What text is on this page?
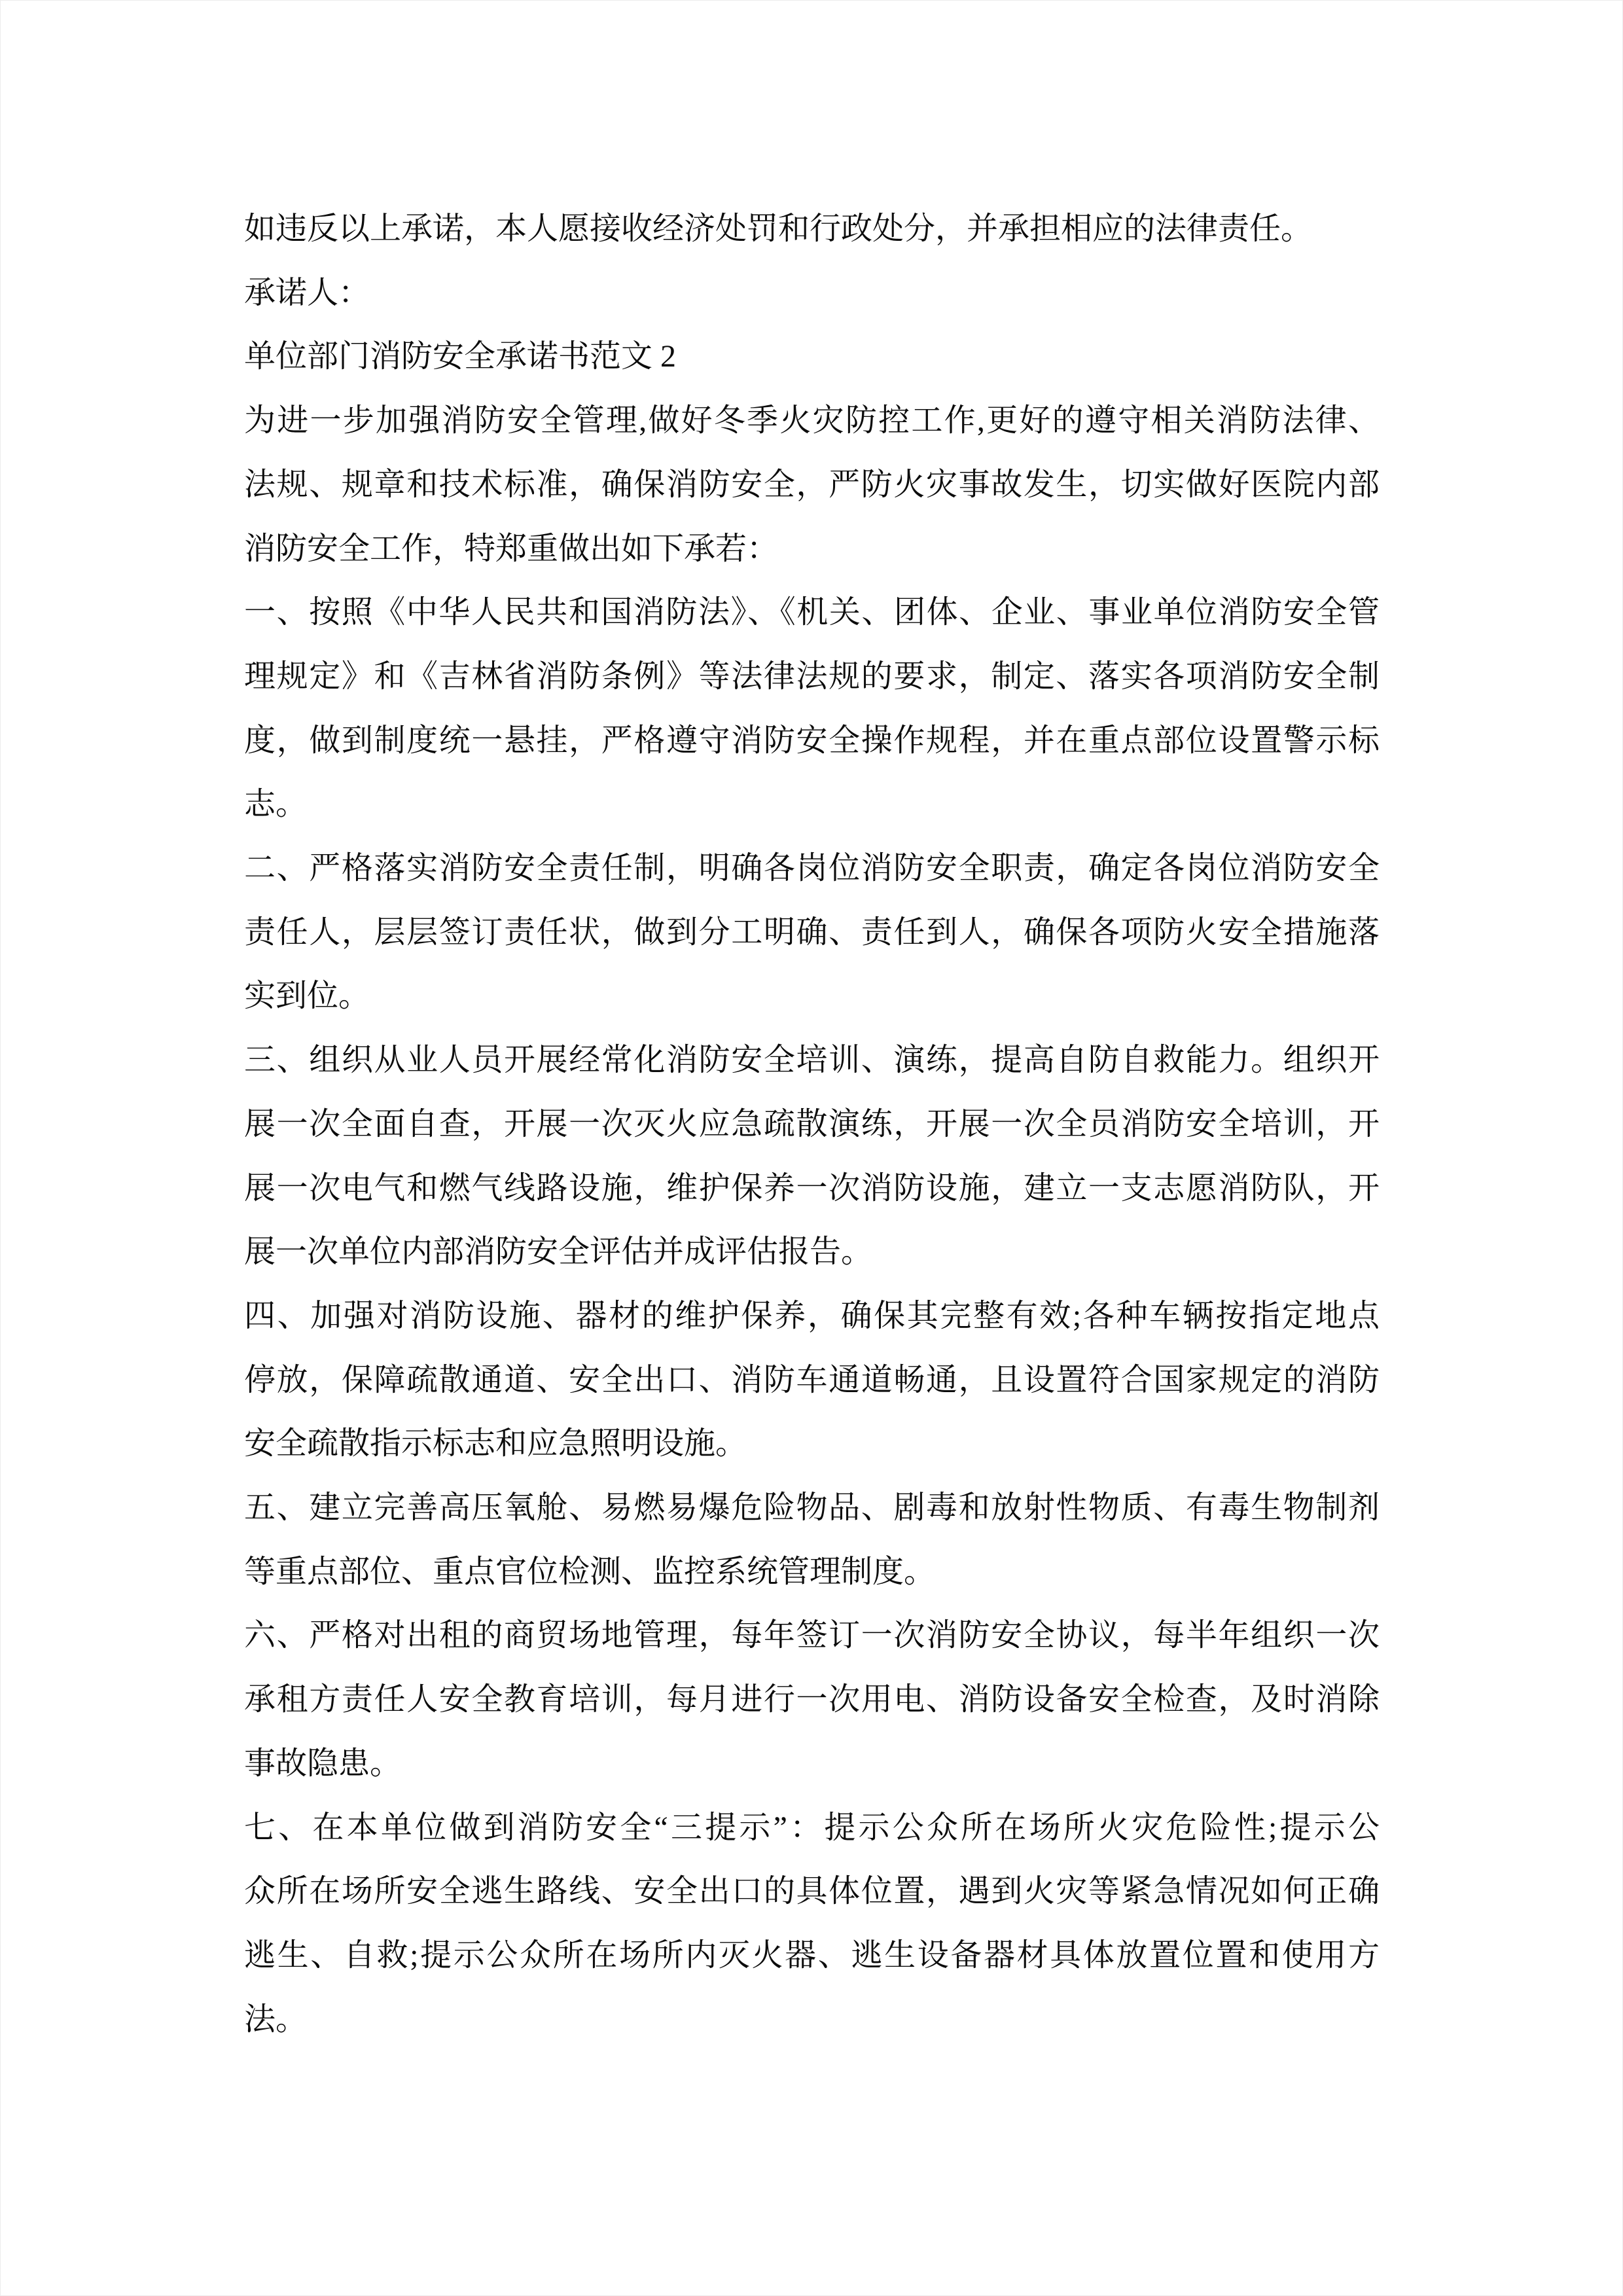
如违反以上承诺，本人愿接收经济处罚和行政处分，并承担相应的法律责任。
承诺人：
单位部门消防安全承诺书范文 2
为进一步加强消防安全管理,做好冬季火灾防控工作,更好的遵守相关消防法律、
法规、规章和技术标准，确保消防安全，严防火灾事故发生，切实做好医院内部
消防安全工作，特郑重做出如下承若：
一、按照《中华人民共和国消防法》、《机关、团体、企业、事业单位消防安全管
理规定》和《吉林省消防条例》等法律法规的要求，制定、落实各项消防安全制
度，做到制度统一悬挂，严格遵守消防安全操作规程，并在重点部位设置警示标
志。
二、严格落实消防安全责任制，明确各岗位消防安全职责，确定各岗位消防安全
责任人，层层签订责任状，做到分工明确、责任到人，确保各项防火安全措施落
实到位。
三、组织从业人员开展经常化消防安全培训、演练，提高自防自救能力。组织开
展一次全面自查，开展一次灭火应急疏散演练，开展一次全员消防安全培训，开
展一次电气和燃气线路设施，维护保养一次消防设施，建立一支志愿消防队，开
展一次单位内部消防安全评估并成评估报告。
四、加强对消防设施、器材的维护保养，确保其完整有效;各种车辆按指定地点
停放，保障疏散通道、安全出口、消防车通道畅通，且设置符合国家规定的消防
安全疏散指示标志和应急照明设施。
五、建立完善高压氧舱、易燃易爆危险物品、剧毒和放射性物质、有毒生物制剂
等重点部位、重点官位检测、监控系统管理制度。
六、严格对出租的商贸场地管理，每年签订一次消防安全协议，每半年组织一次
承租方责任人安全教育培训，每月进行一次用电、消防设备安全检查，及时消除
事故隐患。
七、在本单位做到消防安全“三提示”：提示公众所在场所火灾危险性;提示公
众所在场所安全逃生路线、安全出口的具体位置，遇到火灾等紧急情况如何正确
逃生、自救;提示公众所在场所内灭火器、逃生设备器材具体放置位置和使用方
法。
